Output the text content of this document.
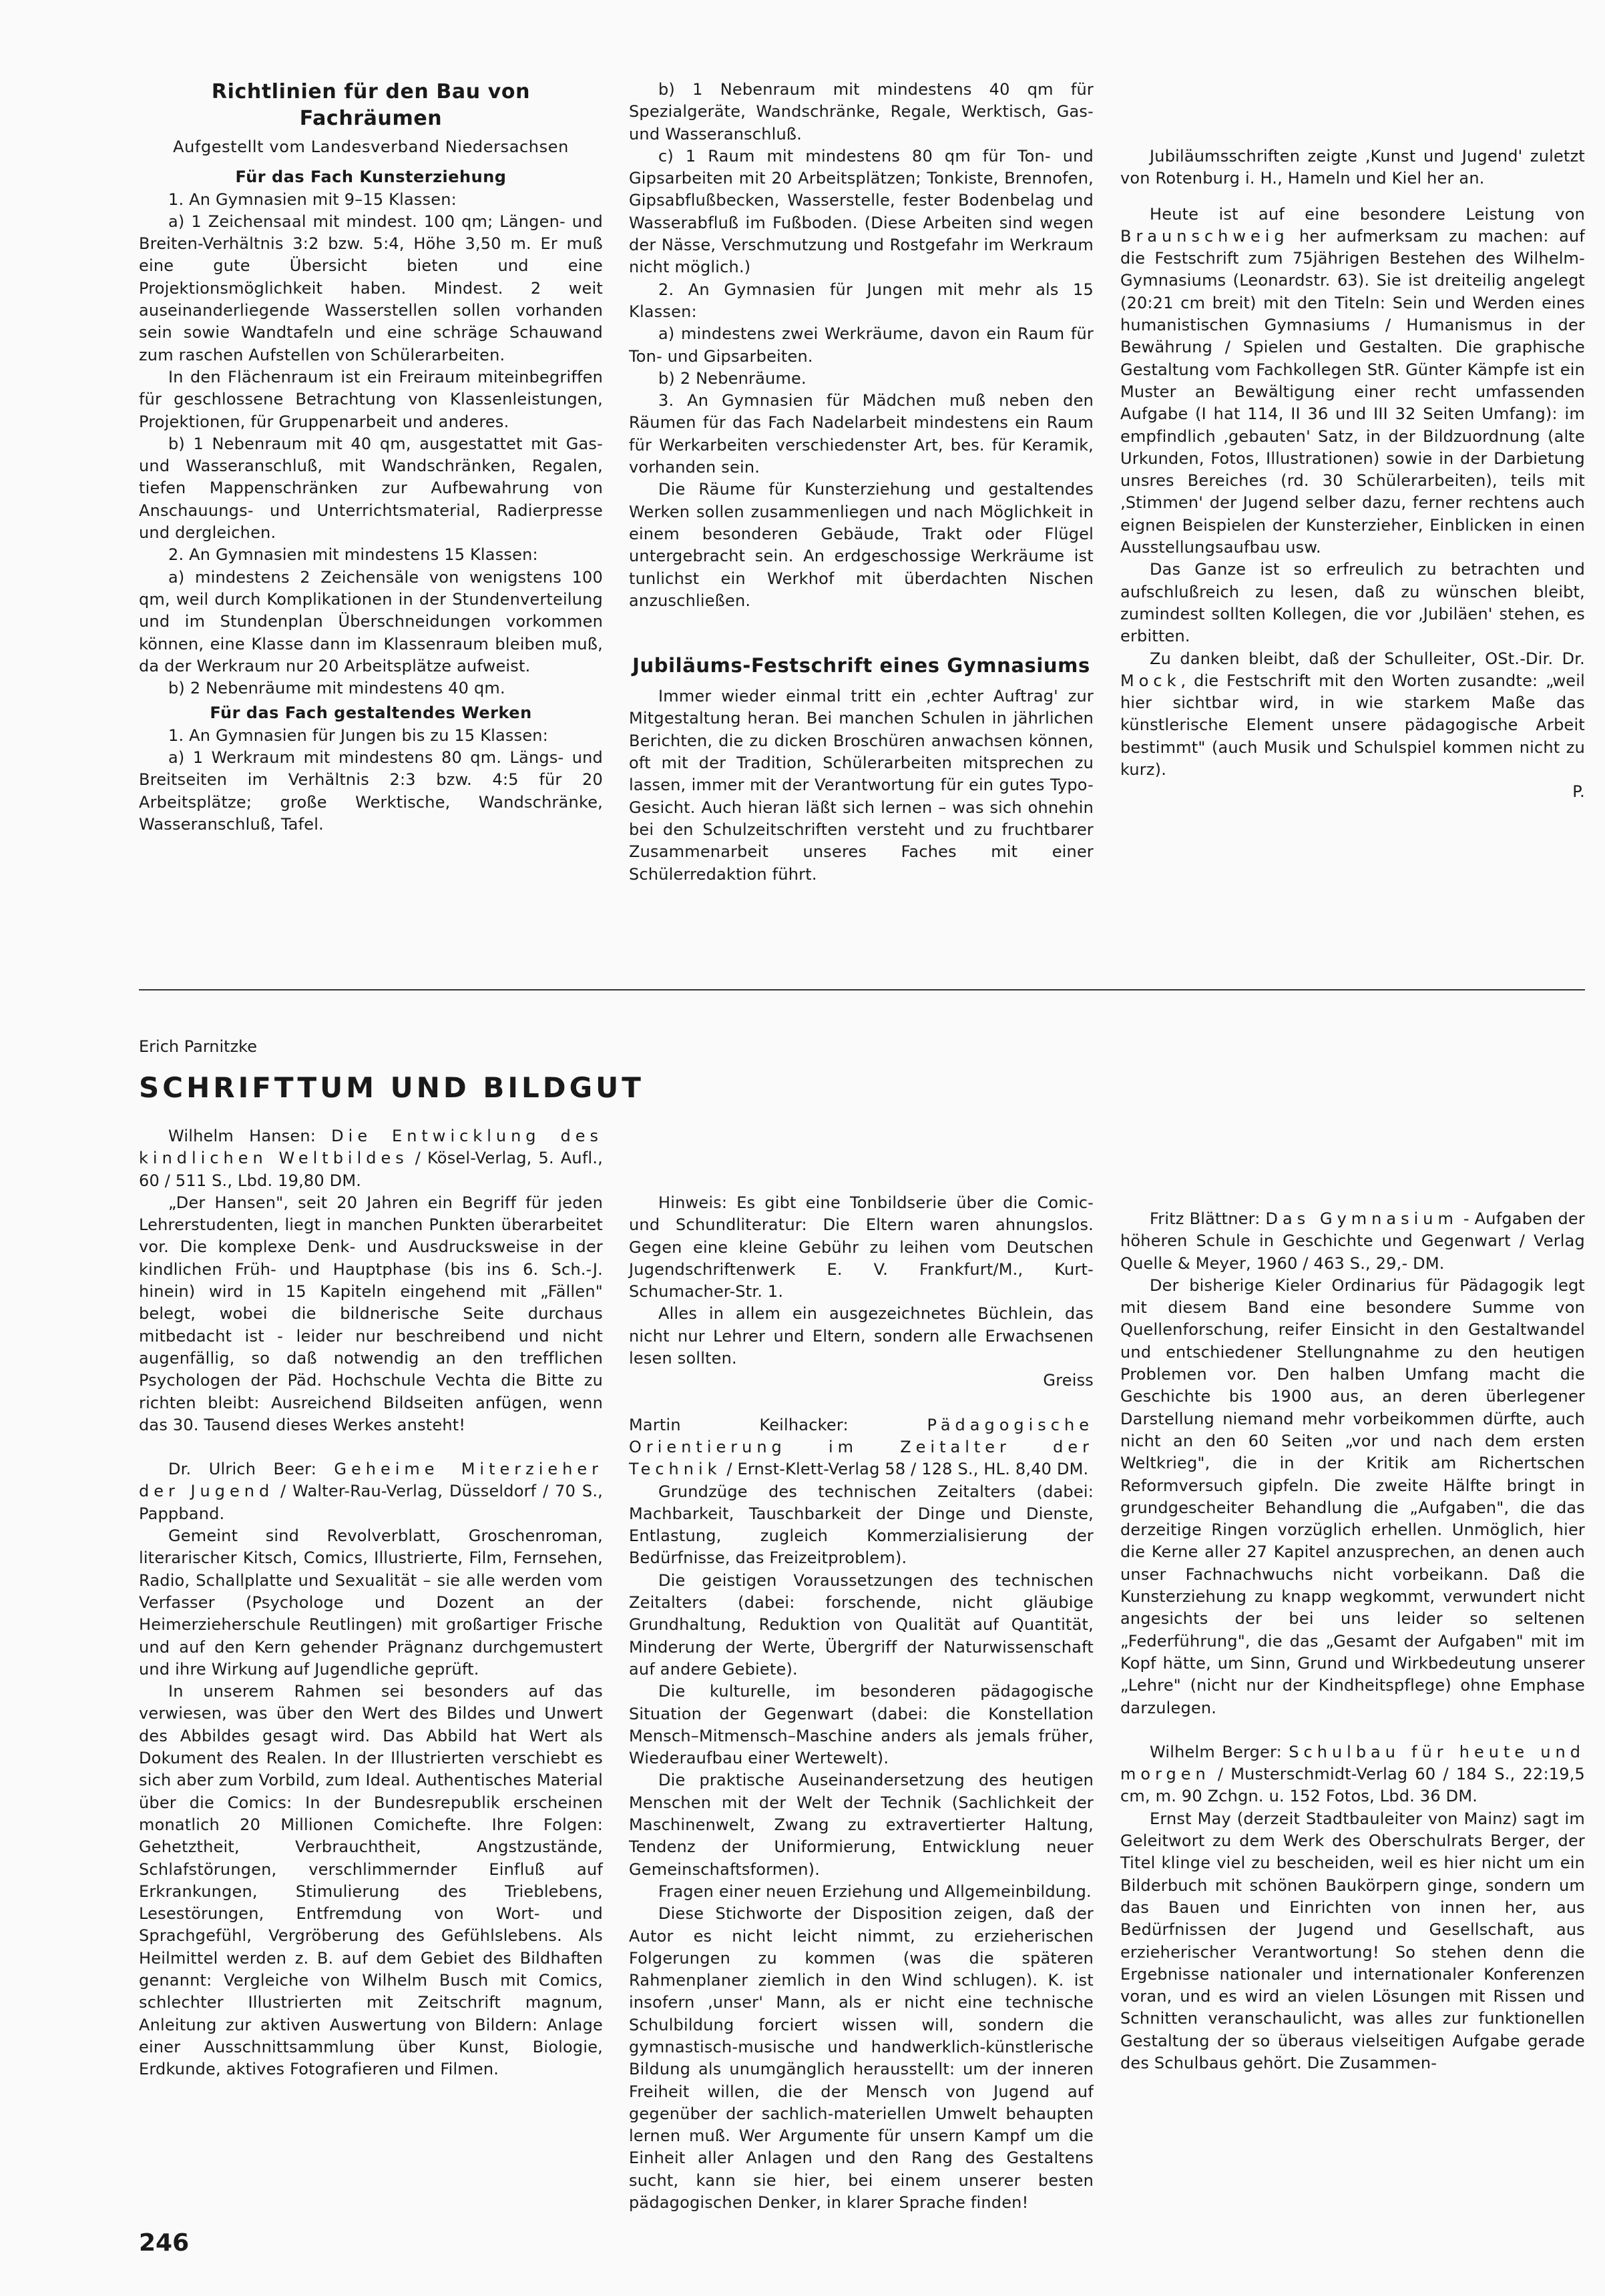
Richtlinien für den Bau von Fachräumen

Aufgestellt vom Landesverband Niedersachsen

Für das Fach Kunsterziehung

1. An Gymnasien mit 9–15 Klassen:

a) 1 Zeichensaal mit mindest. 100 qm; Längen- und Breiten-Verhältnis 3:2 bzw. 5:4, Höhe 3,50 m. Er muß eine gute Übersicht bieten und eine Projektionsmöglichkeit haben. Mindest. 2 weit auseinanderliegende Wasserstellen sollen vorhanden sein sowie Wandtafeln und eine schräge Schauwand zum raschen Aufstellen von Schülerarbeiten.

In den Flächenraum ist ein Freiraum miteinbegriffen für geschlossene Betrachtung von Klassenleistungen, Projektionen, für Gruppenarbeit und anderes.

b) 1 Nebenraum mit 40 qm, ausgestattet mit Gas- und Wasseranschluß, mit Wandschränken, Regalen, tiefen Mappenschränken zur Aufbewahrung von Anschauungs- und Unterrichtsmaterial, Radierpresse und dergleichen.

2. An Gymnasien mit mindestens 15 Klassen:

a) mindestens 2 Zeichensäle von wenigstens 100 qm, weil durch Komplikationen in der Stundenverteilung und im Stundenplan Überschneidungen vorkommen können, eine Klasse dann im Klassenraum bleiben muß, da der Werkraum nur 20 Arbeitsplätze aufweist.

b) 2 Nebenräume mit mindestens 40 qm.

Für das Fach gestaltendes Werken

1. An Gymnasien für Jungen bis zu 15 Klassen:

a) 1 Werkraum mit mindestens 80 qm. Längs- und Breitseiten im Verhältnis 2:3 bzw. 4:5 für 20 Arbeitsplätze; große Werktische, Wandschränke, Wasseranschluß, Tafel.

b) 1 Nebenraum mit mindestens 40 qm für Spezialgeräte, Wandschränke, Regale, Werktisch, Gas- und Wasseranschluß.

c) 1 Raum mit mindestens 80 qm für Ton- und Gipsarbeiten mit 20 Arbeitsplätzen; Tonkiste, Brennofen, Gipsabflußbecken, Wasserstelle, fester Bodenbelag und Wasserabfluß im Fußboden. (Diese Arbeiten sind wegen der Nässe, Verschmutzung und Rostgefahr im Werkraum nicht möglich.)

2. An Gymnasien für Jungen mit mehr als 15 Klassen:

a) mindestens zwei Werkräume, davon ein Raum für Ton- und Gipsarbeiten.

b) 2 Nebenräume.

3. An Gymnasien für Mädchen muß neben den Räumen für das Fach Nadelarbeit mindestens ein Raum für Werkarbeiten verschiedenster Art, bes. für Keramik, vorhanden sein.

Die Räume für Kunsterziehung und gestaltendes Werken sollen zusammenliegen und nach Möglichkeit in einem besonderen Gebäude, Trakt oder Flügel untergebracht sein. An erdgeschossige Werkräume ist tunlichst ein Werkhof mit überdachten Nischen anzuschließen.

Jubiläums-Festschrift eines Gymnasiums

Immer wieder einmal tritt ein ‚echter Auftrag' zur Mitgestaltung heran. Bei manchen Schulen in jährlichen Berichten, die zu dicken Broschüren anwachsen können, oft mit der Tradition, Schülerarbeiten mitsprechen zu lassen, immer mit der Verantwortung für ein gutes Typo-Gesicht. Auch hieran läßt sich lernen – was sich ohnehin bei den Schulzeitschriften versteht und zu fruchtbarer Zusammenarbeit unseres Faches mit einer Schülerredaktion führt.

Jubiläumsschriften zeigte ‚Kunst und Jugend' zuletzt von Rotenburg i. H., Hameln und Kiel her an.

Heute ist auf eine besondere Leistung von Braunschweig her aufmerksam zu machen: auf die Festschrift zum 75jährigen Bestehen des Wilhelm-Gymnasiums (Leonardstr. 63). Sie ist dreiteilig angelegt (20:21 cm breit) mit den Titeln: Sein und Werden eines humanistischen Gymnasiums / Humanismus in der Bewährung / Spielen und Gestalten. Die graphische Gestaltung vom Fachkollegen StR. Günter Kämpfe ist ein Muster an Bewältigung einer recht umfassenden Aufgabe (I hat 114, II 36 und III 32 Seiten Umfang): im empfindlich ‚gebauten' Satz, in der Bildzuordnung (alte Urkunden, Fotos, Illustrationen) sowie in der Darbietung unsres Bereiches (rd. 30 Schülerarbeiten), teils mit ‚Stimmen' der Jugend selber dazu, ferner rechtens auch eignen Beispielen der Kunsterzieher, Einblicken in einen Ausstellungsaufbau usw.

Das Ganze ist so erfreulich zu betrachten und aufschlußreich zu lesen, daß zu wünschen bleibt, zumindest sollten Kollegen, die vor ‚Jubiläen' stehen, es erbitten.

Zu danken bleibt, daß der Schulleiter, OSt.-Dir. Dr. Mock, die Festschrift mit den Worten zusandte: „weil hier sichtbar wird, in wie starkem Maße das künstlerische Element unsere pädagogische Arbeit bestimmt" (auch Musik und Schulspiel kommen nicht zu kurz).

P.

Erich Parnitzke
SCHRIFTTUM UND BILDGUT

Wilhelm Hansen: Die Entwicklung des kindlichen Weltbildes / Kösel-Verlag, 5. Aufl., 60 / 511 S., Lbd. 19,80 DM.

„Der Hansen", seit 20 Jahren ein Begriff für jeden Lehrerstudenten, liegt in manchen Punkten überarbeitet vor. Die komplexe Denk- und Ausdrucksweise in der kindlichen Früh- und Hauptphase (bis ins 6. Sch.-J. hinein) wird in 15 Kapiteln eingehend mit „Fällen" belegt, wobei die bildnerische Seite durchaus mitbedacht ist - leider nur beschreibend und nicht augenfällig, so daß notwendig an den trefflichen Psychologen der Päd. Hochschule Vechta die Bitte zu richten bleibt: Ausreichend Bildseiten anfügen, wenn das 30. Tausend dieses Werkes ansteht!

Dr. Ulrich Beer: Geheime Miterzieher der Jugend / Walter-Rau-Verlag, Düsseldorf / 70 S., Pappband.

Gemeint sind Revolverblatt, Groschenroman, literarischer Kitsch, Comics, Illustrierte, Film, Fernsehen, Radio, Schallplatte und Sexualität – sie alle werden vom Verfasser (Psychologe und Dozent an der Heimerzieherschule Reutlingen) mit großartiger Frische und auf den Kern gehender Prägnanz durchgemustert und ihre Wirkung auf Jugendliche geprüft.

In unserem Rahmen sei besonders auf das verwiesen, was über den Wert des Bildes und Unwert des Abbildes gesagt wird. Das Abbild hat Wert als Dokument des Realen. In der Illustrierten verschiebt es sich aber zum Vorbild, zum Ideal. Authentisches Material über die Comics: In der Bundesrepublik erscheinen monatlich 20 Millionen Comichefte. Ihre Folgen: Gehetztheit, Verbrauchtheit, Angstzustände, Schlafstörungen, verschlimmernder Einfluß auf Erkrankungen, Stimulierung des Trieblebens, Lesestörungen, Entfremdung von Wort- und Sprachgefühl, Vergröberung des Gefühlslebens. Als Heilmittel werden z. B. auf dem Gebiet des Bildhaften genannt: Vergleiche von Wilhelm Busch mit Comics, schlechter Illustrierten mit Zeitschrift magnum, Anleitung zur aktiven Auswertung von Bildern: Anlage einer Ausschnittsammlung über Kunst, Biologie, Erdkunde, aktives Fotografieren und Filmen.

Hinweis: Es gibt eine Tonbildserie über die Comic- und Schundliteratur: Die Eltern waren ahnungslos. Gegen eine kleine Gebühr zu leihen vom Deutschen Jugendschriftenwerk E. V. Frankfurt/M., Kurt-Schumacher-Str. 1.

Alles in allem ein ausgezeichnetes Büchlein, das nicht nur Lehrer und Eltern, sondern alle Erwachsenen lesen sollten.

Greiss

Martin Keilhacker:	Pädagogische Orientierung im Zeitalter der Technik / Ernst-Klett-Verlag 58 / 128 S., HL. 8,40 DM.

Grundzüge des technischen Zeitalters (dabei: Machbarkeit, Tauschbarkeit der Dinge und Dienste, Entlastung, zugleich Kommerzialisierung der Bedürfnisse, das Freizeitproblem).

Die geistigen Voraussetzungen des technischen Zeitalters (dabei: forschende, nicht gläubige Grundhaltung, Reduktion von Qualität auf Quantität, Minderung der Werte, Übergriff der Naturwissenschaft auf andere Gebiete).

Die kulturelle, im besonderen pädagogische Situation der Gegenwart (dabei: die Konstellation Mensch–Mitmensch–Maschine anders als jemals früher, Wiederaufbau einer Wertewelt).

Die praktische Auseinandersetzung des heutigen Menschen mit der Welt der Technik (Sachlichkeit der Maschinenwelt, Zwang zu extravertierter Haltung, Tendenz der Uniformierung, Entwicklung neuer Gemeinschaftsformen).

Fragen einer neuen Erziehung und Allgemeinbildung.

Diese Stichworte der Disposition zeigen, daß der Autor es nicht leicht nimmt, zu erzieherischen Folgerungen zu kommen (was die späteren Rahmenplaner ziemlich in den Wind schlugen). K. ist insofern ‚unser' Mann, als er nicht eine technische Schulbildung forciert wissen will, sondern die gymnastisch-musische und handwerklich-künstlerische Bildung als unumgänglich herausstellt: um der inneren Freiheit willen, die der Mensch von Jugend auf gegenüber der sachlich-materiellen Umwelt behaupten lernen muß. Wer Argumente für unsern Kampf um die Einheit aller Anlagen und den Rang des Gestaltens sucht, kann sie hier, bei einem unserer besten pädagogischen Denker, in klarer Sprache finden!

Fritz Blättner: Das Gymnasium - Aufgaben der höheren Schule in Geschichte und Gegenwart / Verlag Quelle & Meyer, 1960 / 463 S., 29,- DM.

Der bisherige Kieler Ordinarius für Pädagogik legt mit diesem Band eine besondere Summe von Quellenforschung, reifer Einsicht in den Gestaltwandel und entschiedener Stellungnahme zu den heutigen Problemen vor. Den halben Umfang macht die Geschichte bis 1900 aus, an deren überlegener Darstellung niemand mehr vorbeikommen dürfte, auch nicht an den 60 Seiten „vor und nach dem ersten Weltkrieg", die in der Kritik am Richertschen Reformversuch gipfeln. Die zweite Hälfte bringt in grundgescheiter Behandlung die „Aufgaben", die das derzeitige Ringen vorzüglich erhellen. Unmöglich, hier die Kerne aller 27 Kapitel anzusprechen, an denen auch unser Fachnachwuchs nicht vorbeikann. Daß die Kunsterziehung zu knapp wegkommt, verwundert nicht angesichts der bei uns leider so seltenen „Federführung", die das „Gesamt der Aufgaben" mit im Kopf hätte, um Sinn, Grund und Wirkbedeutung unserer „Lehre" (nicht nur der Kindheitspflege) ohne Emphase darzulegen.

Wilhelm Berger: Schulbau für heute und morgen / Musterschmidt-Verlag 60 / 184 S., 22:19,5 cm, m. 90 Zchgn. u. 152 Fotos, Lbd. 36 DM.

Ernst May (derzeit Stadtbauleiter von Mainz) sagt im Geleitwort zu dem Werk des Oberschulrats Berger, der Titel klinge viel zu bescheiden, weil es hier nicht um ein Bilderbuch mit schönen Baukörpern ginge, sondern um das Bauen und Einrichten von innen her, aus Bedürfnissen der Jugend und Gesellschaft, aus erzieherischer Verantwortung! So stehen denn die Ergebnisse nationaler und internationaler Konferenzen voran, und es wird an vielen Lösungen mit Rissen und Schnitten veranschaulicht, was alles zur funktionellen Gestaltung der so überaus vielseitigen Aufgabe gerade des Schulbaus gehört. Die Zusammen-

246
